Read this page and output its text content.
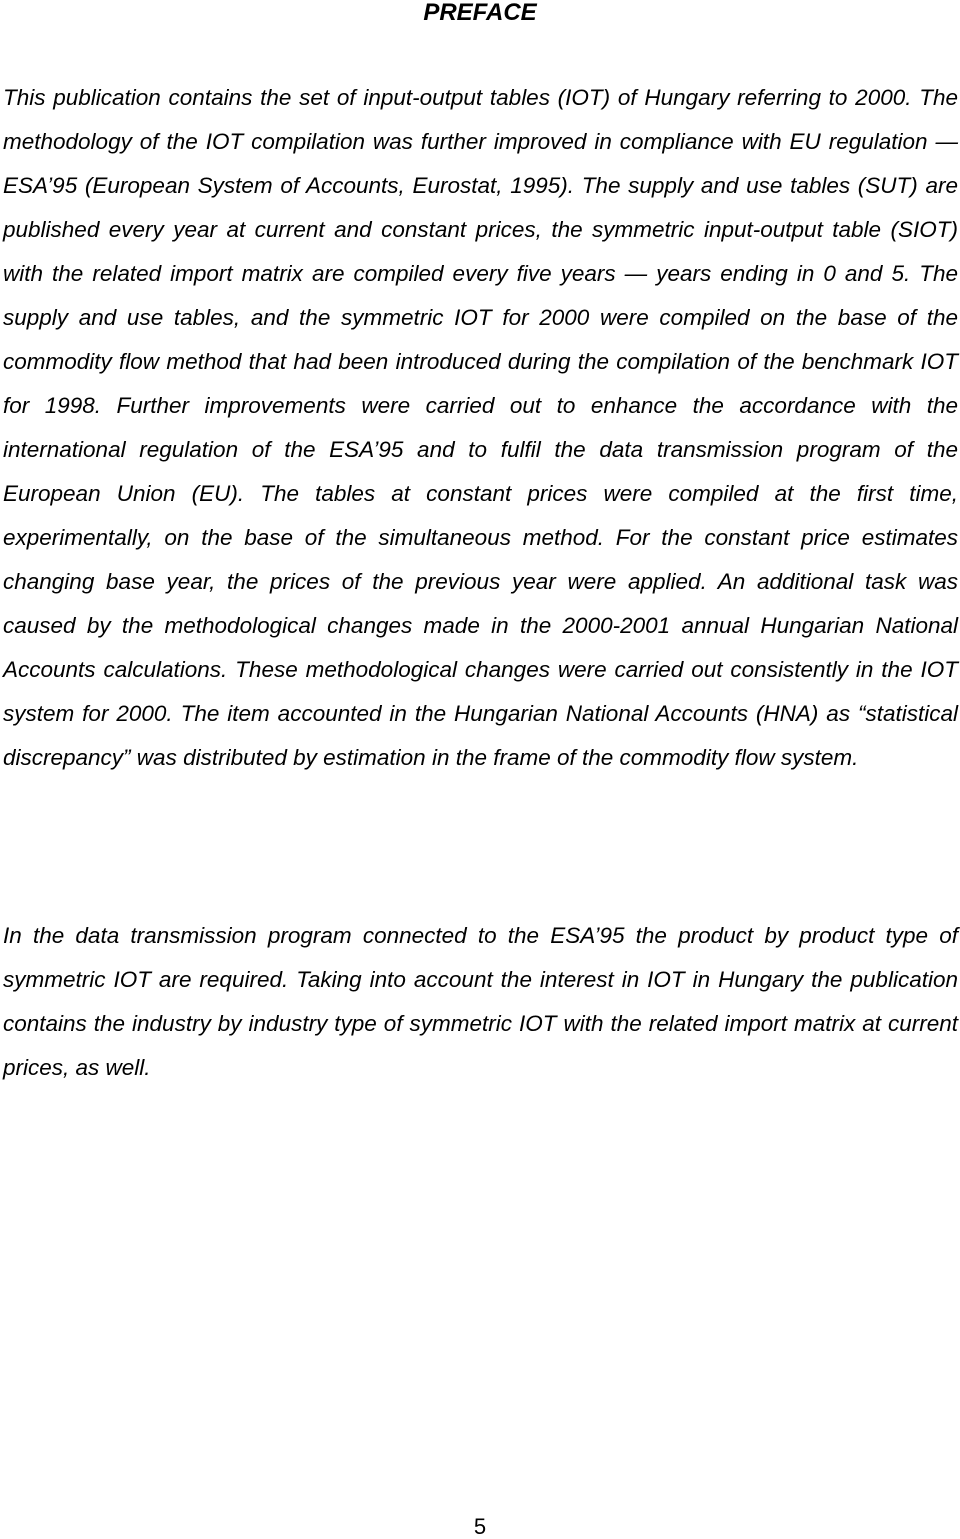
PREFACE

This publication contains the set of input-output tables (IOT) of Hungary referring to 2000. The methodology of the IOT compilation was further improved in compliance with EU regulation — ESA’95 (European System of Accounts, Eurostat, 1995). The supply and use tables (SUT) are published every year at current and constant prices, the symmetric input-output table (SIOT) with the related import matrix are compiled every five years — years ending in 0 and 5. The supply and use tables, and the symmetric IOT for 2000 were compiled on the base of the commodity flow method that had been introduced during the compilation of the benchmark IOT for 1998. Further improvements were carried out to enhance the accordance with the international regulation of the ESA’95 and to fulfil the data transmission program of the European Union (EU). The tables at constant prices were compiled at the first time, experimentally, on the base of the simultaneous method. For the constant price estimates changing base year, the prices of the previous year were applied. An additional task was caused by the methodological changes made in the 2000-2001 annual Hungarian National Accounts calculations. These methodological changes were carried out consistently in the IOT system for 2000. The item accounted in the Hungarian National Accounts (HNA) as “statistical discrepancy” was distributed by estimation in the frame of the commodity flow system.

In the data transmission program connected to the ESA’95 the product by product type of symmetric IOT are required. Taking into account the interest in IOT in Hungary the publication contains the industry by industry type of symmetric IOT with the related import matrix at current prices, as well.

5
